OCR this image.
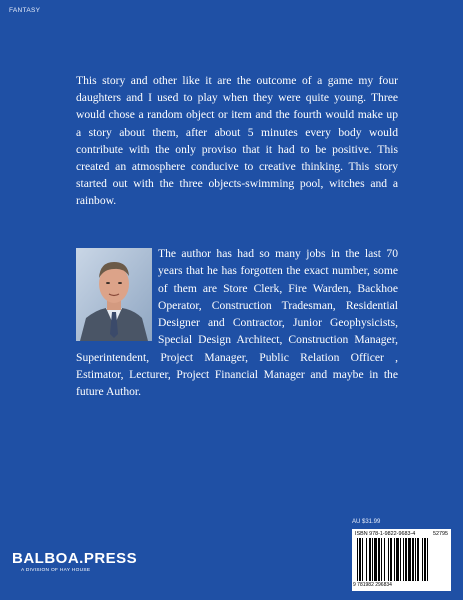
FANTASY

This story and other like it are the outcome of a game my four daughters and I used to play when they were quite young. Three would chose a random object or item and the fourth would make up a story about them, after about 5 minutes every body would contribute with the only proviso that it had to be positive. This created an atmosphere conducive to creative thinking. This story started out with the three objects-swimming pool, witches and a rainbow.

The author has had so many jobs in the last 70 years that he has forgotten the exact number, some of them are Store Clerk, Fire Warden, Backhoe Operator, Construction Tradesman, Residential Designer and Contractor, Junior Geophysicists, Special Design Architect, Construction Manager, Superintendent, Project Manager, Public Relation Officer , Estimator, Lecturer, Project Financial Manager and maybe in the future Author.
AU $31.99
BALBOA.PRESS
A DIVISION OF HAY HOUSE
ISBN 978-1-9822-9683-4	52795
9 781982 296834
